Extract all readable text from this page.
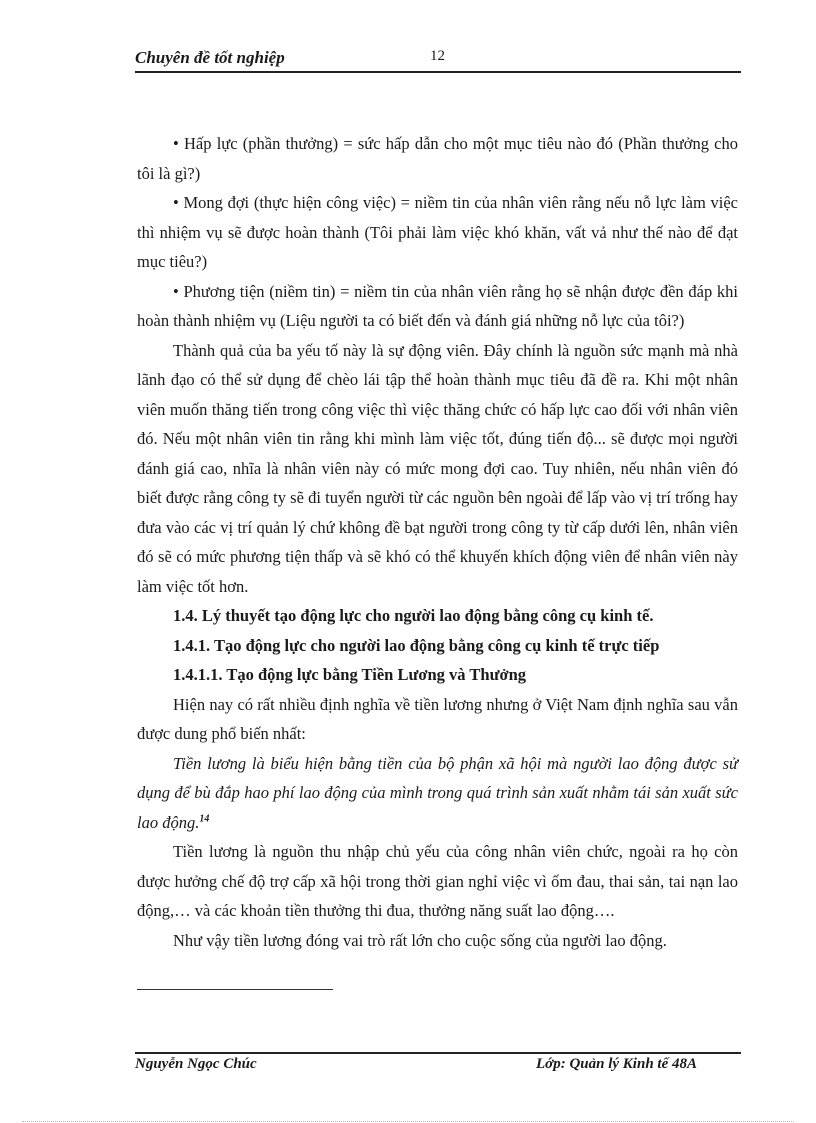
Chuyên đề tốt nghiệp	12

• Hấp lực (phần thưởng) = sức hấp dẫn cho một mục tiêu nào đó (Phần thưởng cho tôi là gì?)

• Mong đợi (thực hiện công việc) = niềm tin của nhân viên rằng nếu nỗ lực làm việc thì nhiệm vụ sẽ được hoàn thành (Tôi phải làm việc khó khăn, vất vả như thế nào để đạt mục tiêu?)

• Phương tiện (niềm tin) = niềm tin của nhân viên rằng họ sẽ nhận được đền đáp khi hoàn thành nhiệm vụ (Liệu người ta có biết đến và đánh giá những nỗ lực của tôi?)

Thành quả của ba yếu tố này là sự động viên. Đây chính là nguồn sức mạnh mà nhà lãnh đạo có thể sử dụng để chèo lái tập thể hoàn thành mục tiêu đã đề ra. Khi một nhân viên muốn thăng tiến trong công việc thì việc thăng chức có hấp lực cao đối với nhân viên đó. Nếu một nhân viên tin rằng khi mình làm việc tốt, đúng tiến độ... sẽ được mọi người đánh giá cao, nhĩa là nhân viên này có mức mong đợi cao. Tuy nhiên, nếu nhân viên đó biết được rằng công ty sẽ đi tuyển người từ các nguồn bên ngoài để lấp vào vị trí trống hay đưa vào các vị trí quản lý chứ không đề bạt người trong công ty từ cấp dưới lên, nhân viên đó sẽ có mức phương tiện thấp và sẽ khó có thể khuyến khích động viên để nhân viên này làm việc tốt hơn.

1.4. Lý thuyết tạo động lực cho người lao động bằng công cụ kinh tế.

1.4.1. Tạo động lực cho người lao động bằng công cụ kinh tế trực tiếp

1.4.1.1. Tạo động lực bằng Tiền Lương và Thưởng

Hiện nay có rất nhiều định nghĩa về tiền lương nhưng ở Việt Nam định nghĩa sau vẫn được dung phổ biến nhất:

Tiền lương là biểu hiện bằng tiền của bộ phận xã hội mà người lao động được sử dụng để bù đắp hao phí lao động của mình trong quá trình sản xuất nhằm tái sản xuất sức lao động.$^{14}$

Tiền lương là nguồn thu nhập chủ yếu của công nhân viên chức, ngoài ra họ còn được hưởng chế độ trợ cấp xã hội trong thời gian nghỉ việc vì ốm đau, thai sản, tai nạn lao động,… và các khoản tiền thưởng thi đua, thưởng năng suất lao động….

Như vậy tiền lương đóng vai trò rất lớn cho cuộc sống của người lao động.

Nguyễn Ngọc Chúc	Lớp: Quản lý Kinh tế 48A
